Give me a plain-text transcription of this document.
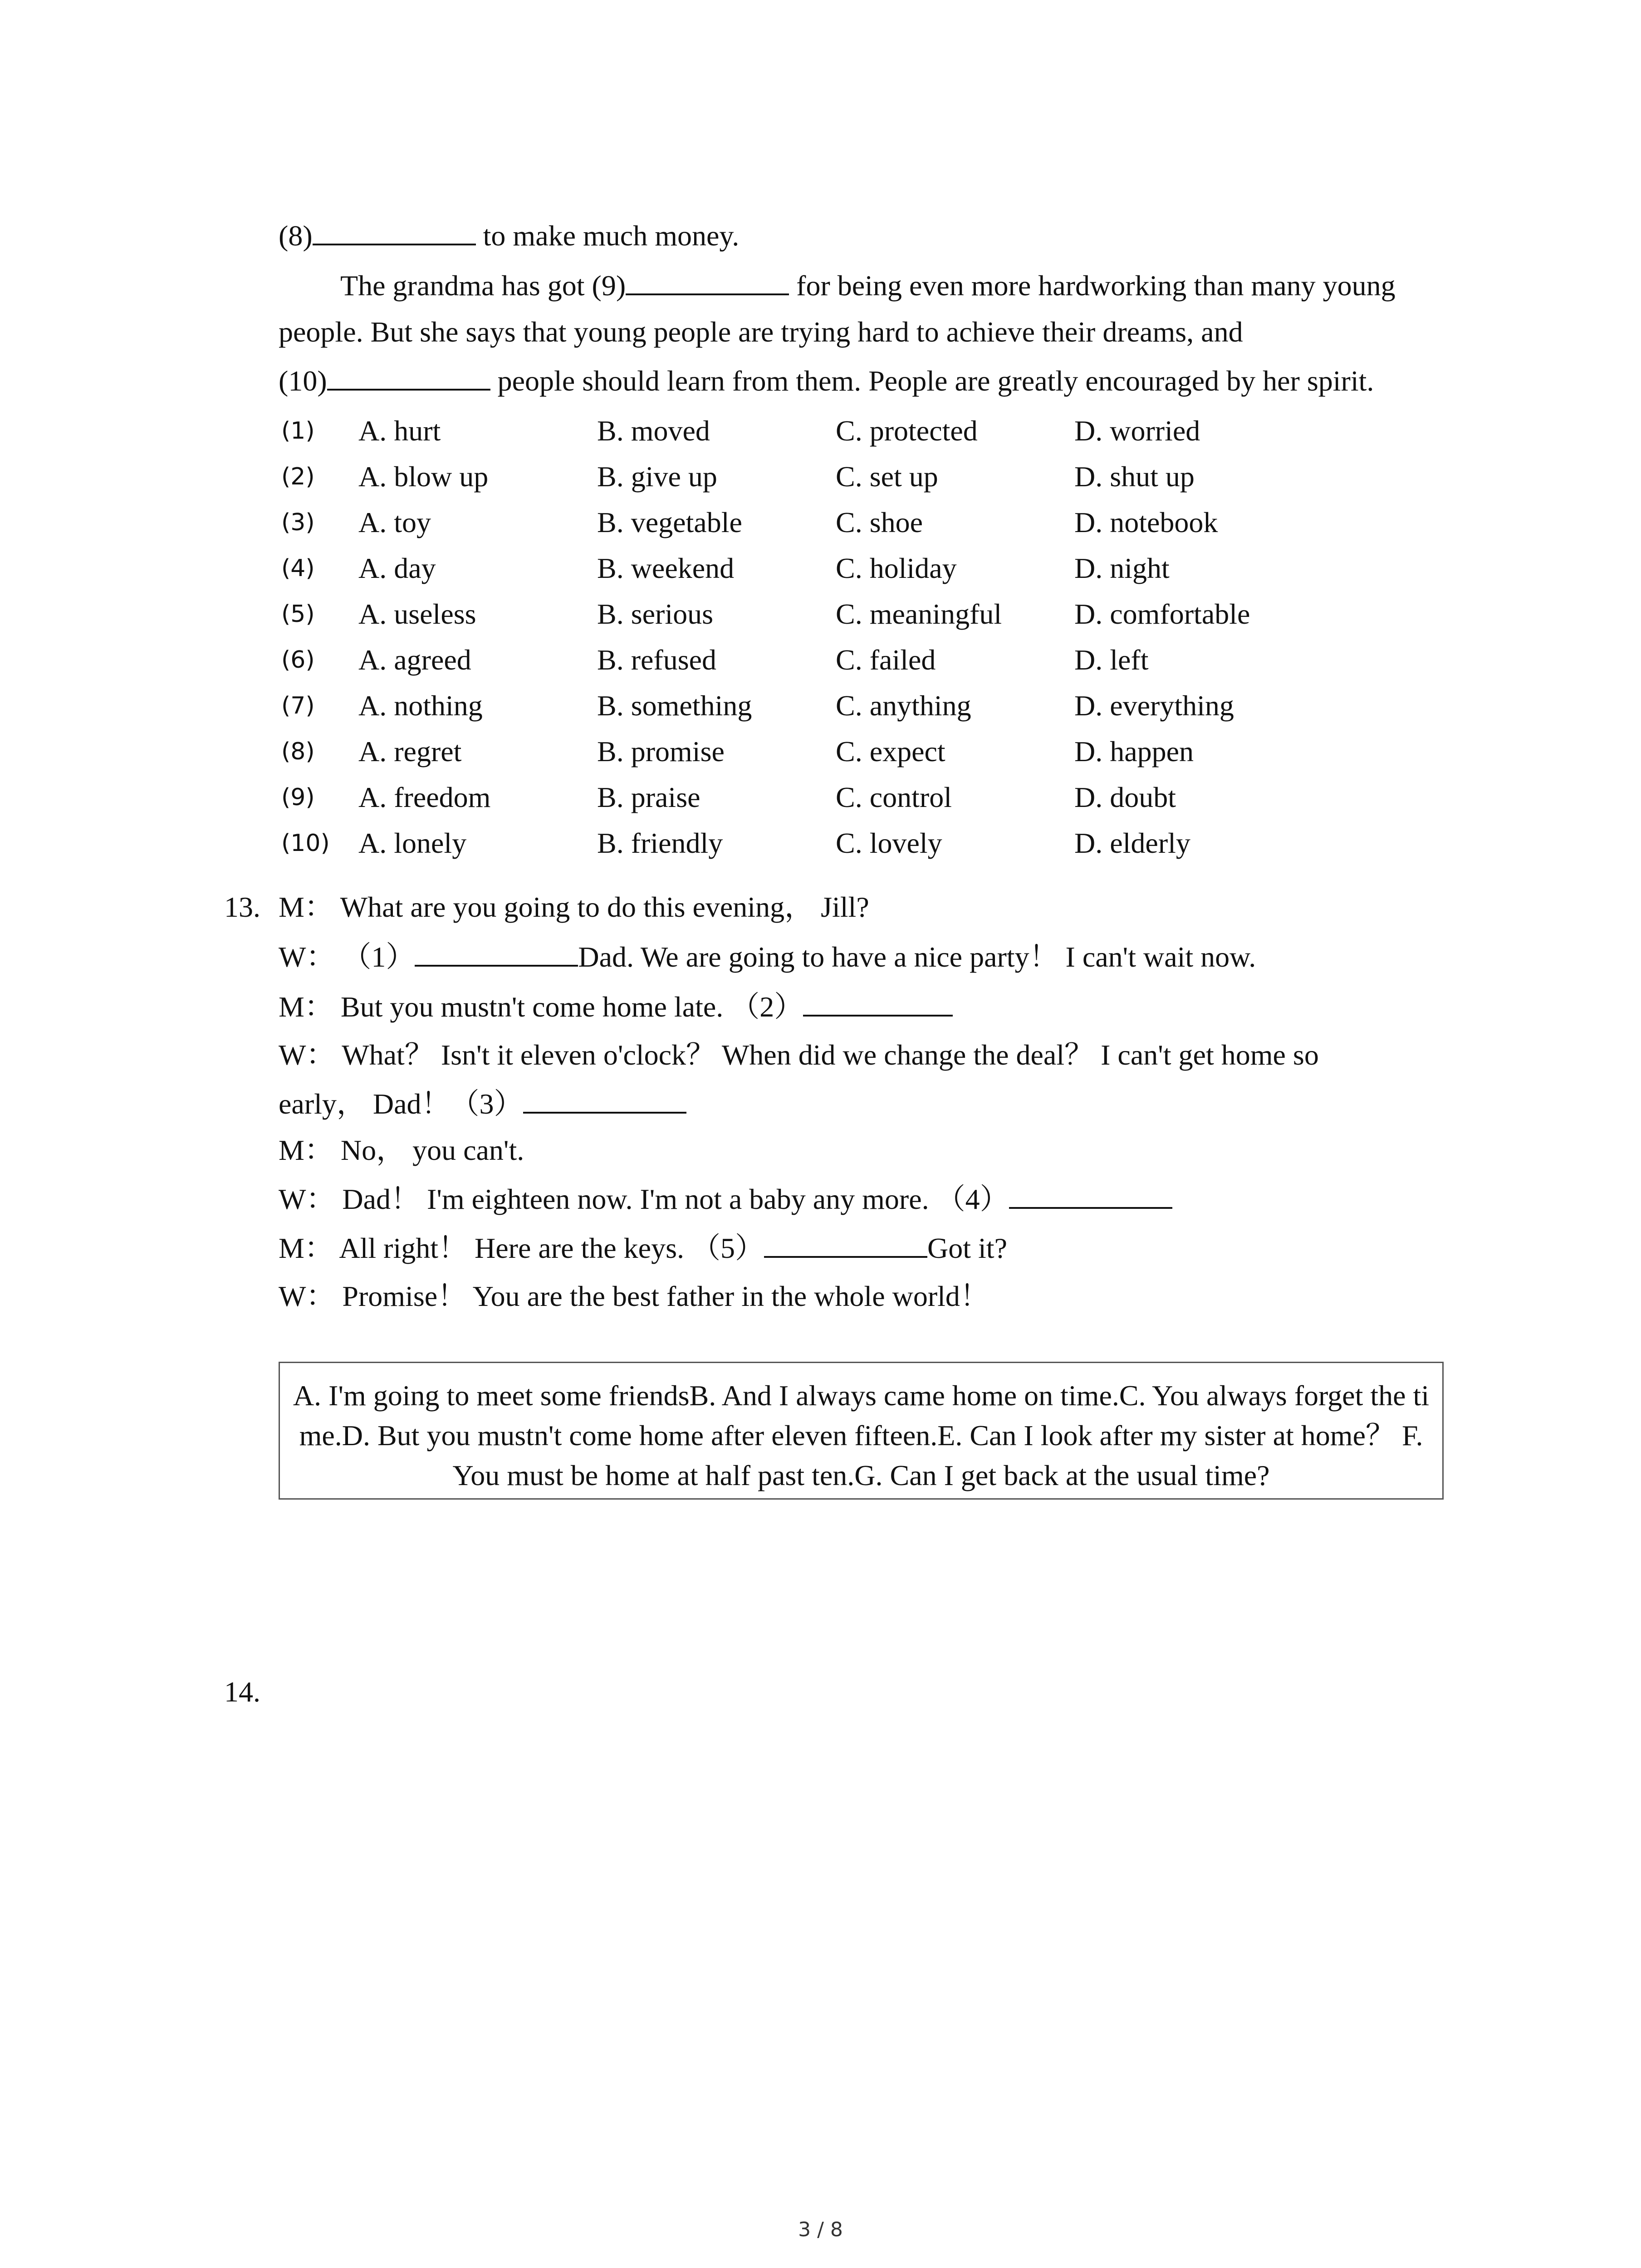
(8)	to make much money.
The grandma has got (9)	for being even more hardworking than many young
people. But she says that young people are trying hard to achieve their dreams, and
(10)	people should learn from them. People are greatly encouraged by her spirit.
(1) A. hurt	B. moved	C. protected	D. worried
(2) A. blow up	B. give up	C. set up	D. shut up
(3) A. toy	B. vegetable	C. shoe	D. notebook
(4) A. day	B. weekend	C. holiday	D. night
(5) A. useless	B. serious	C. meaningful D. comfortable
(6) A. agreed	B. refused	C. failed	D. left
(7) A. nothing	B. something	C. anything	D. everything
(8) A. regret	B. promise	C. expect	D. happen
(9) A. freedom	B. praise	C. control	D. doubt
(10) A. lonely	B. friendly	C. lovely	D. elderly
13. M： What are you going to do this evening， Jill?
W： （1）	Dad. We are going to have a nice party！ I can't wait now.
M： But you mustn't come home late. （2）
W： What？ Isn't it eleven o'clock？ When did we change the deal？ I can't get home so
early， Dad！（3）
M： No， you can't.
W： Dad！ I'm eighteen now. I'm not a baby any more. （4）
M： All right！ Here are the keys. （5）	Got it?
W： Promise！ You are the best father in the whole world！
A. I'm going to meet some friendsB. And I always came home on time.C. You always forget the time.D. But you mustn't come home after eleven fifteen.E. Can I look after my sister at home？ F. You must be home at half past ten.G. Can I get back at the usual time?
14.
3 / 8
